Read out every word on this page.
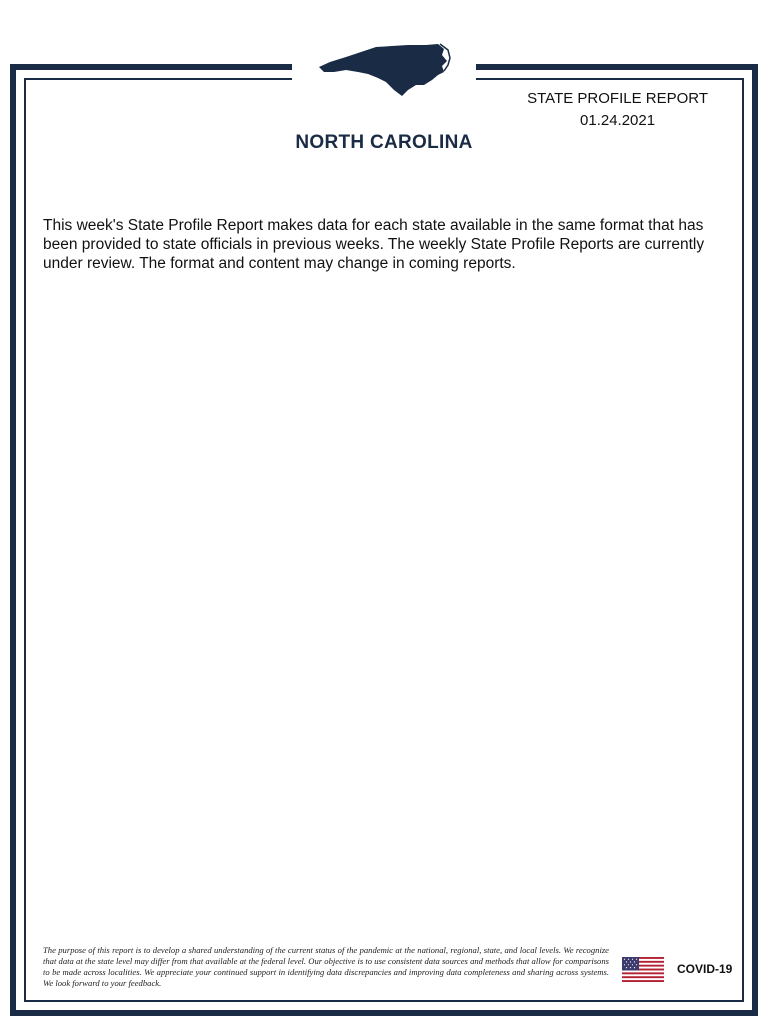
STATE PROFILE REPORT
01.24.2021
NORTH CAROLINA

This week's State Profile Report makes data for each state available in the same format that has been provided to state officials in previous weeks. The weekly State Profile Reports are currently under review. The format and content may change in coming reports.

The purpose of this report is to develop a shared understanding of the current status of the pandemic at the national, regional, state, and local levels. We recognize that data at the state level may differ from that available at the federal level. Our objective is to use consistent data sources and methods that allow for comparisons to be made across localities. We appreciate your continued support in identifying data discrepancies and improving data completeness and sharing across systems. We look forward to your feedback.

COVID-19
